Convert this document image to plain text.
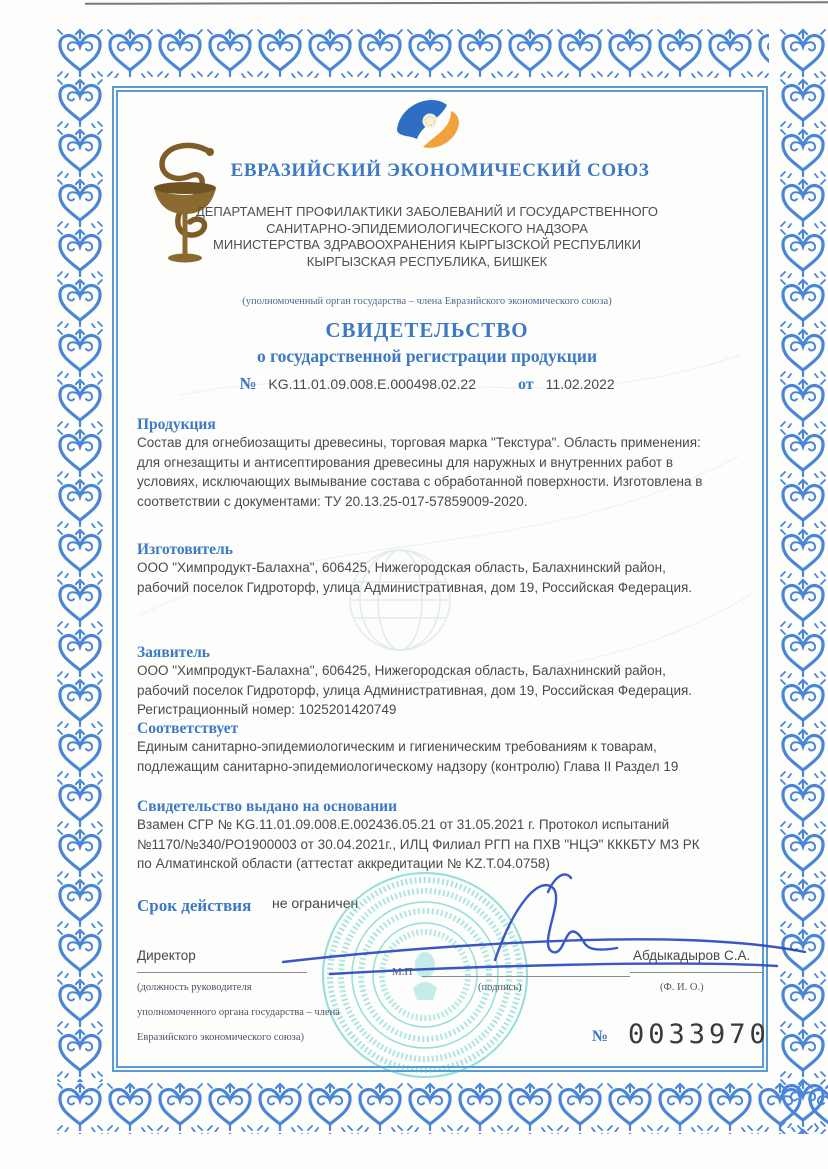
ЕВРАЗИЙСКИЙ ЭКОНОМИЧЕСКИЙ СОЮЗ
ДЕПАРТАМЕНТ ПРОФИЛАКТИКИ ЗАБОЛЕВАНИЙ И ГОСУДАРСТВЕННОГО
САНИТАРНО-ЭПИДЕМИОЛОГИЧЕСКОГО НАДЗОРА
МИНИСТЕРСТВА ЗДРАВООХРАНЕНИЯ КЫРГЫЗСКОЙ РЕСПУБЛИКИ
КЫРГЫЗСКАЯ РЕСПУБЛИКА, БИШКЕК
(уполномоченный орган государства – члена Евразийского экономического союза)
СВИДЕТЕЛЬСТВО
о государственной регистрации продукции
№ KG.11.01.09.008.E.000498.02.22	от 11.02.2022
Продукция
Состав для огнебиозащиты древесины, торговая марка "Текстура". Область применения: для огнезащиты и антисептирования древесины для наружных и внутренних работ в условиях, исключающих вымывание состава с обработанной поверхности. Изготовлена в соответствии с документами: ТУ 20.13.25-017-57859009-2020.
Изготовитель
ООО "Химпродукт-Балахна", 606425, Нижегородская область, Балахнинский район, рабочий поселок Гидроторф, улица Административная, дом 19, Российская Федерация.
Заявитель
ООО "Химпродукт-Балахна", 606425, Нижегородская область, Балахнинский район, рабочий поселок Гидроторф, улица Административная, дом 19, Российская Федерация.
Регистрационный номер: 1025201420749
Соответствует
Единым санитарно-эпидемиологическим и гигиеническим требованиям к товарам, подлежащим санитарно-эпидемиологическому надзору (контролю) Глава II Раздел 19
Свидетельство выдано на основании
Взамен СГР № KG.11.01.09.008.E.002436.05.21 от 31.05.2021 г. Протокол испытаний №1170/№340/РО1900003 от 30.04.2021г., ИЛЦ Филиал РГП на ПХВ "НЦЭ" КККБТУ МЗ РК по Алматинской области (аттестат аккредитации № KZ.Т.04.0758)
Срок действия не ограничен
Директор
(должность руководителя
уполномоченного органа государства – члена
Евразийского экономического союза)
М.П
(подпись)
Абдыкадыров С.А.
(Ф. И. О.)
№ 0033970
